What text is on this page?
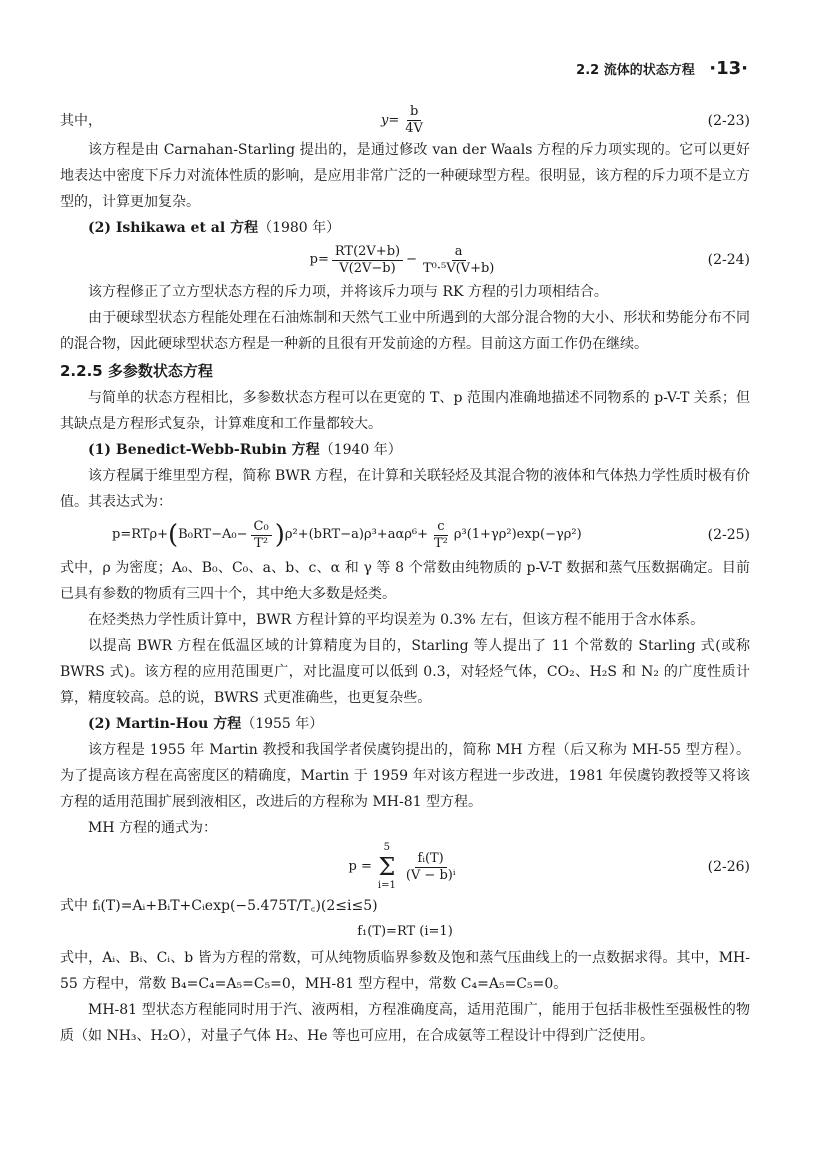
2.2 流体的状态方程 ·13·
其中，	$y= \frac{b}{4V}$	(2-23)

该方程是由 Carnahan-Starling 提出的，是通过修改 van der Waals 方程的斥力项实现的。它可以更好地表达中密度下斥力对流体性质的影响，是应用非常广泛的一种硬球型方程。很明显，该方程的斥力项不是立方型的，计算更加复杂。

(2) Ishikawa et al 方程（1980 年）
$p= \frac{RT(2V+b)}{V(2V-b)} - \frac{a}{\text{T⁰·⁵V(V+b)}}$	(2-24)

该方程修正了立方型状态方程的斥力项，并将该斥力项与 RK 方程的引力项相结合。

由于硬球型状态方程能处理在石油炼制和天然气工业中所遇到的大部分混合物的大小、形状和势能分布不同的混合物，因此硬球型状态方程是一种新的且很有开发前途的方程。目前这方面工作仍在继续。

2.2.5 多参数状态方程

与简单的状态方程相比，多参数状态方程可以在更宽的 T、p 范围内准确地描述不同物系的 p-V-T 关系；但其缺点是方程形式复杂，计算难度和工作量都较大。

(1) Benedict-Webb-Rubin 方程（1940 年）

该方程属于维里型方程，简称 BWR 方程，在计算和关联轻烃及其混合物的液体和气体热力学性质时极有价值。其表达式为：

p=RTρ+ ( $B_0RT-A_0- \frac{\text{C₀}}{\text{T²}}$ ) $\rho^2+(bRT-a)\rho^3+a\alpha\rho^6+ \frac{c}{\text{T²}} \rho^3(1+\gamma\rho^2)\exp(-\gamma\rho^2)$	(2-25)

式中，ρ 为密度；A₀、B₀、C₀、a、b、c、α 和 γ 等 8 个常数由纯物质的 p-V-T 数据和蒸气压数据确定。目前已具有参数的物质有三四十个，其中绝大多数是烃类。

在烃类热力学性质计算中，BWR 方程计算的平均误差为 0.3% 左右，但该方程不能用于含水体系。

以提高 BWR 方程在低温区域的计算精度为目的，Starling 等人提出了 11 个常数的 Starling 式(或称 BWRS 式)。该方程的应用范围更广，对比温度可以低到 0.3，对轻烃气体，CO₂、H₂S 和 N₂ 的广度性质计算，精度较高。总的说，BWRS 式更准确些，也更复杂些。

(2) Martin-Hou 方程（1955 年）

该方程是 1955 年 Martin 教授和我国学者侯虞钧提出的，简称 MH 方程（后又称为 MH-55 型方程）。为了提高该方程在高密度区的精确度，Martin 于 1959 年对该方程进一步改进，1981 年侯虞钧教授等又将该方程的适用范围扩展到液相区，改进后的方程称为 MH-81 型方程。

MH 方程的通式为：

p =
5
Σ
i=1
$\frac{\text{fᵢ(T)}}{\text{(V − b)ⁱ}}$	(2-26)

式中 fᵢ(T)=Aᵢ+BᵢT+Cᵢexp(−5.475T/T꜀)(2≤i≤5)

f₁(T)=RT (i=1)

式中，Aᵢ、Bᵢ、Cᵢ、b 皆为方程的常数，可从纯物质临界参数及饱和蒸气压曲线上的一点数据求得。其中，MH-55 方程中，常数 B₄=C₄=A₅=C₅=0，MH-81 型方程中，常数 C₄=A₅=C₅=0。

MH-81 型状态方程能同时用于汽、液两相，方程准确度高，适用范围广，能用于包括非极性至强极性的物质（如 NH₃、H₂O），对量子气体 H₂、He 等也可应用，在合成氨等工程设计中得到广泛使用。
